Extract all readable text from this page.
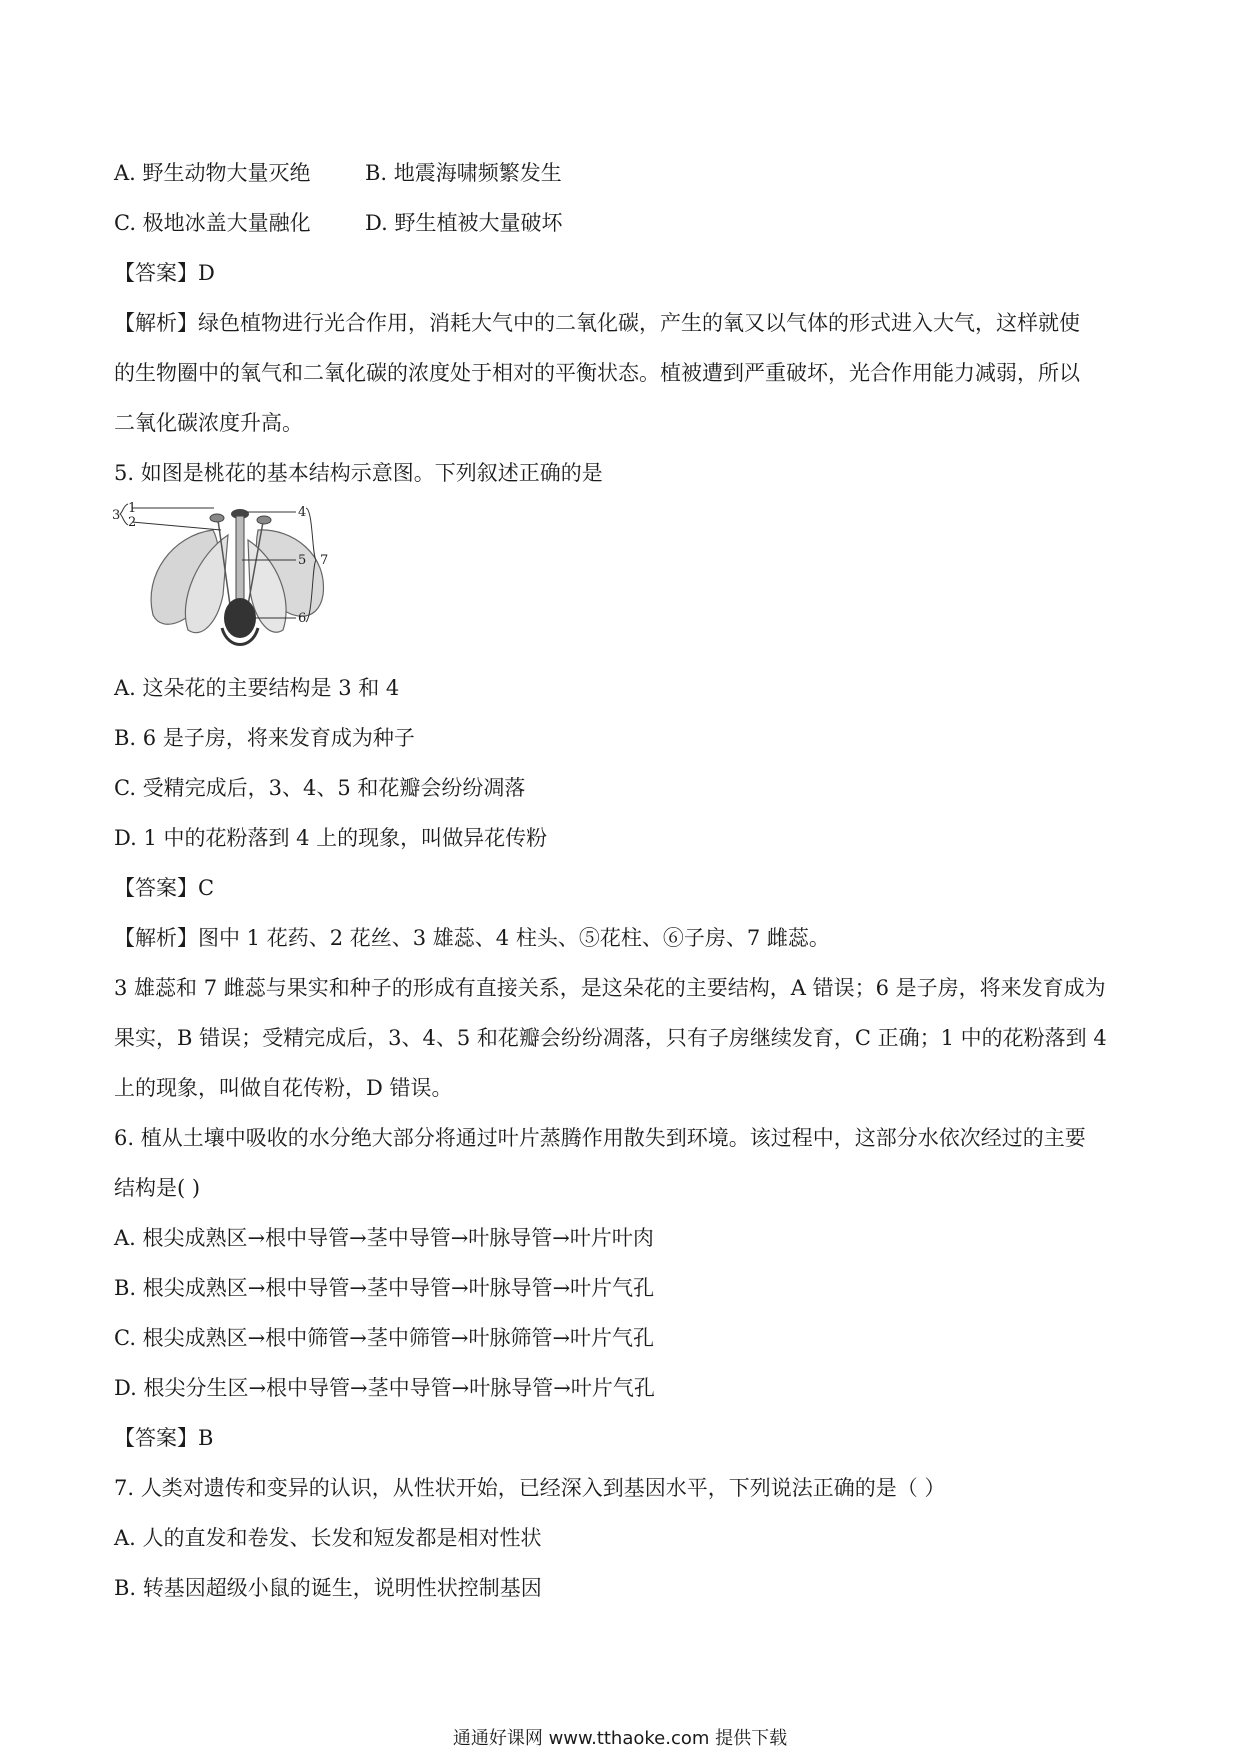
A. 野生动物大量灭绝	B. 地震海啸频繁发生
C. 极地冰盖大量融化	D. 野生植被大量破坏
【答案】D
【解析】绿色植物进行光合作用，消耗大气中的二氧化碳，产生的氧又以气体的形式进入大气，这样就使
的生物圈中的氧气和二氧化碳的浓度处于相对的平衡状态。植被遭到严重破坏，光合作用能力减弱，所以
二氧化碳浓度升高。
5. 如图是桃花的基本结构示意图。下列叙述正确的是
1
2
3	4
5
6
7
A. 这朵花的主要结构是 3 和 4
B. 6 是子房，将来发育成为种子
C. 受精完成后，3、4、5 和花瓣会纷纷凋落
D. 1 中的花粉落到 4 上的现象，叫做异花传粉
【答案】C
【解析】图中 1 花药、2 花丝、3 雄蕊、4 柱头、⑤花柱、⑥子房、7 雌蕊。
3 雄蕊和 7 雌蕊与果实和种子的形成有直接关系，是这朵花的主要结构，A 错误；6 是子房，将来发育成为
果实，B 错误；受精完成后，3、4、5 和花瓣会纷纷凋落，只有子房继续发育，C 正确；1 中的花粉落到 4
上的现象，叫做自花传粉，D 错误。
6. 植从土壤中吸收的水分绝大部分将通过叶片蒸腾作用散失到环境。该过程中，这部分水依次经过的主要
结构是( )
A. 根尖成熟区→根中导管→茎中导管→叶脉导管→叶片叶肉
B. 根尖成熟区→根中导管→茎中导管→叶脉导管→叶片气孔
C. 根尖成熟区→根中筛管→茎中筛管→叶脉筛管→叶片气孔
D. 根尖分生区→根中导管→茎中导管→叶脉导管→叶片气孔
【答案】B
7. 人类对遗传和变异的认识，从性状开始，已经深入到基因水平，下列说法正确的是（ ）
A. 人的直发和卷发、长发和短发都是相对性状
B. 转基因超级小鼠的诞生，说明性状控制基因
通通好课网 www.tthaoke.com 提供下载
